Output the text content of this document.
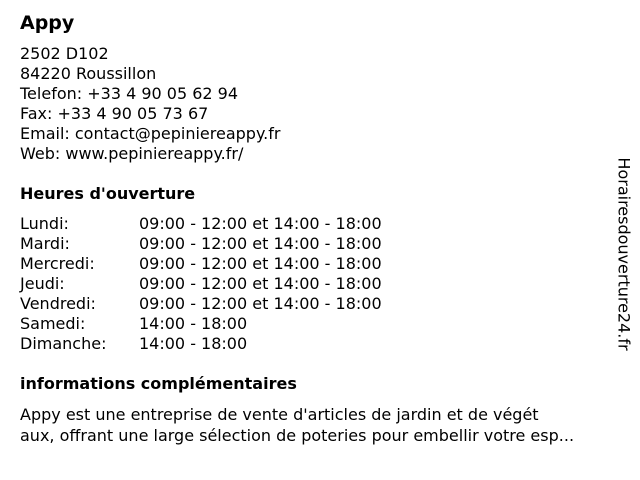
Appy
2502 D102
84220 Roussillon
Telefon: +33 4 90 05 62 94
Fax: +33 4 90 05 73 67
Email: contact@pepiniereappy.fr
Web: www.pepiniereappy.fr/
Heures d'ouverture
Lundi:	09:00 - 12:00 et 14:00 - 18:00
Mardi:	09:00 - 12:00 et 14:00 - 18:00
Mercredi:	09:00 - 12:00 et 14:00 - 18:00
Jeudi:	09:00 - 12:00 et 14:00 - 18:00
Vendredi:	09:00 - 12:00 et 14:00 - 18:00
Samedi:	14:00 - 18:00
Dimanche:	14:00 - 18:00
informations complémentaires
Appy est une entreprise de vente d'articles de jardin et de végét
aux, offrant une large sélection de poteries pour embellir votre esp...
Horairesdouverture24.fr
